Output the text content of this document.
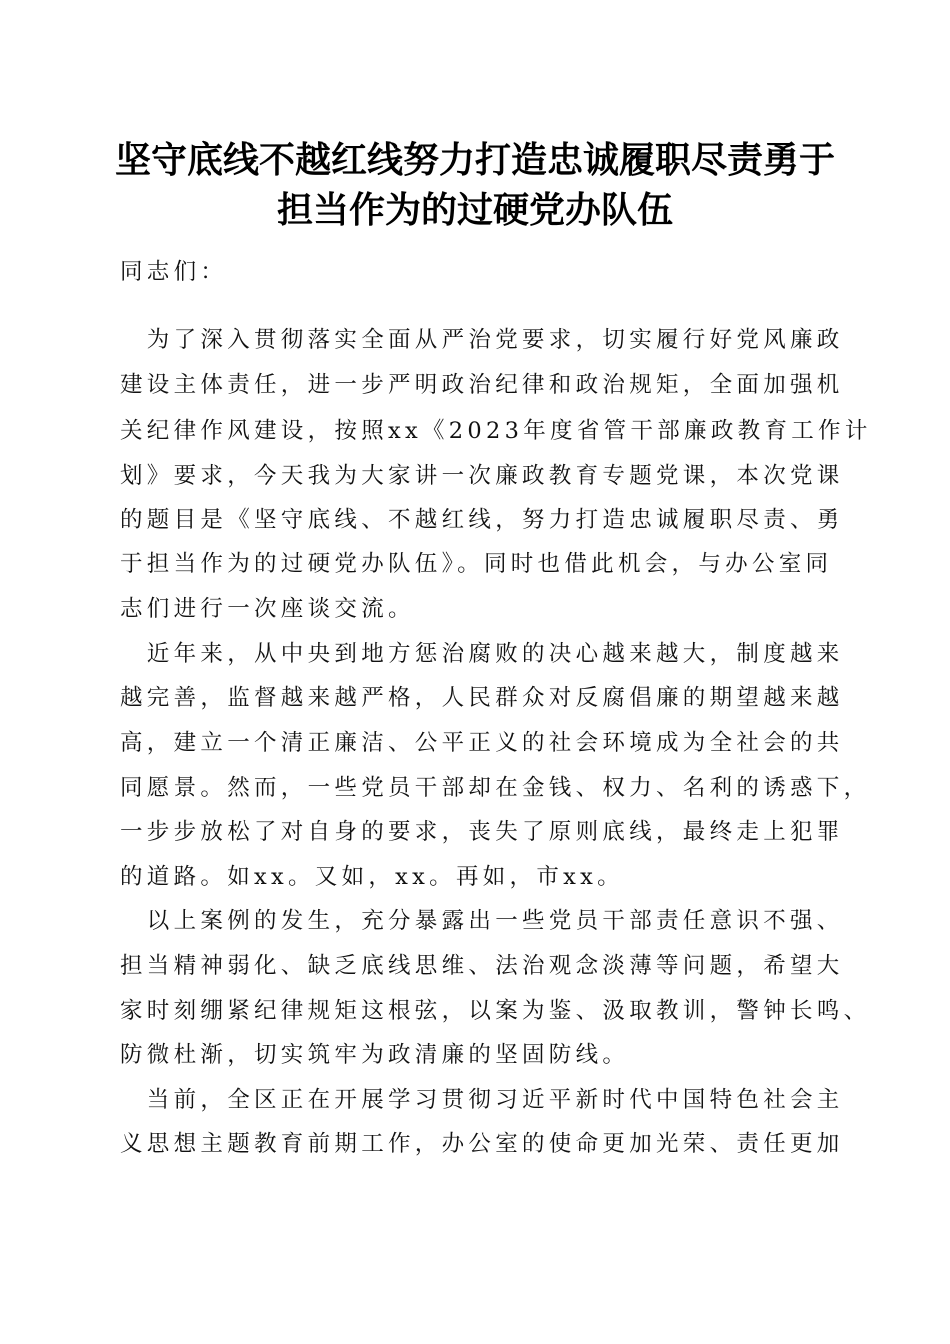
坚守底线不越红线努力打造忠诚履职尽责勇于
担当作为的过硬党办队伍
同志们：
　为了深入贯彻落实全面从严治党要求，切实履行好党风廉政
建设主体责任，进一步严明政治纪律和政治规矩，全面加强机
关纪律作风建设，按照xx《2023年度省管干部廉政教育工作计
划》要求，今天我为大家讲一次廉政教育专题党课，本次党课
的题目是《坚守底线、不越红线，努力打造忠诚履职尽责、勇
于担当作为的过硬党办队伍》。同时也借此机会，与办公室同
志们进行一次座谈交流。
　近年来，从中央到地方惩治腐败的决心越来越大，制度越来
越完善，监督越来越严格，人民群众对反腐倡廉的期望越来越
高，建立一个清正廉洁、公平正义的社会环境成为全社会的共
同愿景。然而，一些党员干部却在金钱、权力、名利的诱惑下，
一步步放松了对自身的要求，丧失了原则底线，最终走上犯罪
的道路。如xx。又如，xx。再如，市xx。
　以上案例的发生，充分暴露出一些党员干部责任意识不强、
担当精神弱化、缺乏底线思维、法治观念淡薄等问题，希望大
家时刻绷紧纪律规矩这根弦，以案为鉴、汲取教训，警钟长鸣、
防微杜渐，切实筑牢为政清廉的坚固防线。
　当前，全区正在开展学习贯彻习近平新时代中国特色社会主
义思想主题教育前期工作，办公室的使命更加光荣、责任更加
